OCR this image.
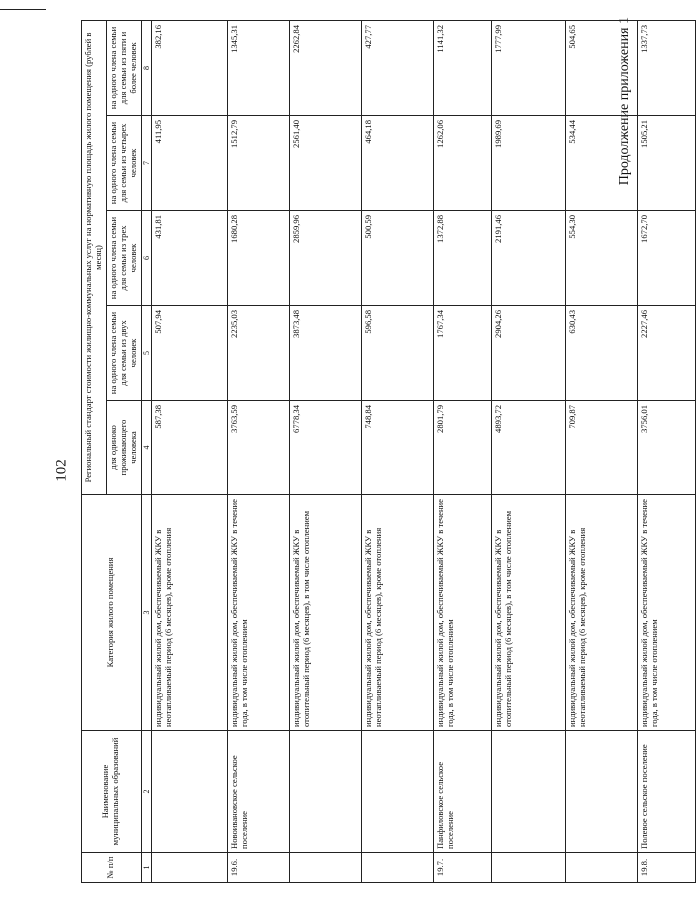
102
Продолжение приложения 1
№ п/п	Наименование муниципальных образований	Категория жилого помещения	Региональный стандарт стоимости жилищно-коммунальных услуг на нормативную площадь жилого помещения (рублей в месяц)				
			для одиноко проживающего человека	на одного члена семьи для семьи из двух человек	на одного члена семьи для семьи из трех человек	на одного члена семьи для семьи из четырех человек	на одного члена семьи для семьи из пяти и более человек
1	2	3	4	5	6	7	8
		индивидуальный жилой дом, обеспечиваемый ЖКУ в неотапливаемый период (6 месяцев), кроме отопления	587,38	507,94	431,81	411,95	382,16
19.6.	Новоивановское сельское поселение	индивидуальный жилой дом, обеспечиваемый ЖКУ в течение года, в том числе отоплением	3763,59	2235,03	1680,28	1512,79	1345,31
		индивидуальный жилой дом, обеспечиваемый ЖКУ в отопительный период (6 месяцев), в том числе отоплением	6778,34	3873,48	2859,96	2561,40	2262,84
		индивидуальный жилой дом, обеспечиваемый ЖКУ в неотапливаемый период (6 месяцев), кроме отопления	748,84	596,58	500,59	464,18	427,77
19.7.	Панфиловское сельское поселение	индивидуальный жилой дом, обеспечиваемый ЖКУ в течение года, в том числе отоплением	2801,79	1767,34	1372,88	1262,06	1141,32
		индивидуальный жилой дом, обеспечиваемый ЖКУ в отопительный период (6 месяцев), в том числе отоплением	4893,72	2904,26	2191,46	1989,69	1777,99
		индивидуальный жилой дом, обеспечиваемый ЖКУ в неотапливаемый период (6 месяцев), кроме отопления	709,87	630,43	554,30	534,44	504,65
19.8.	Полевое сельское поселение	индивидуальный жилой дом, обеспечиваемый ЖКУ в течение года, в том числе отоплением	3756,01	2227,46	1672,70	1505,21	1337,73
